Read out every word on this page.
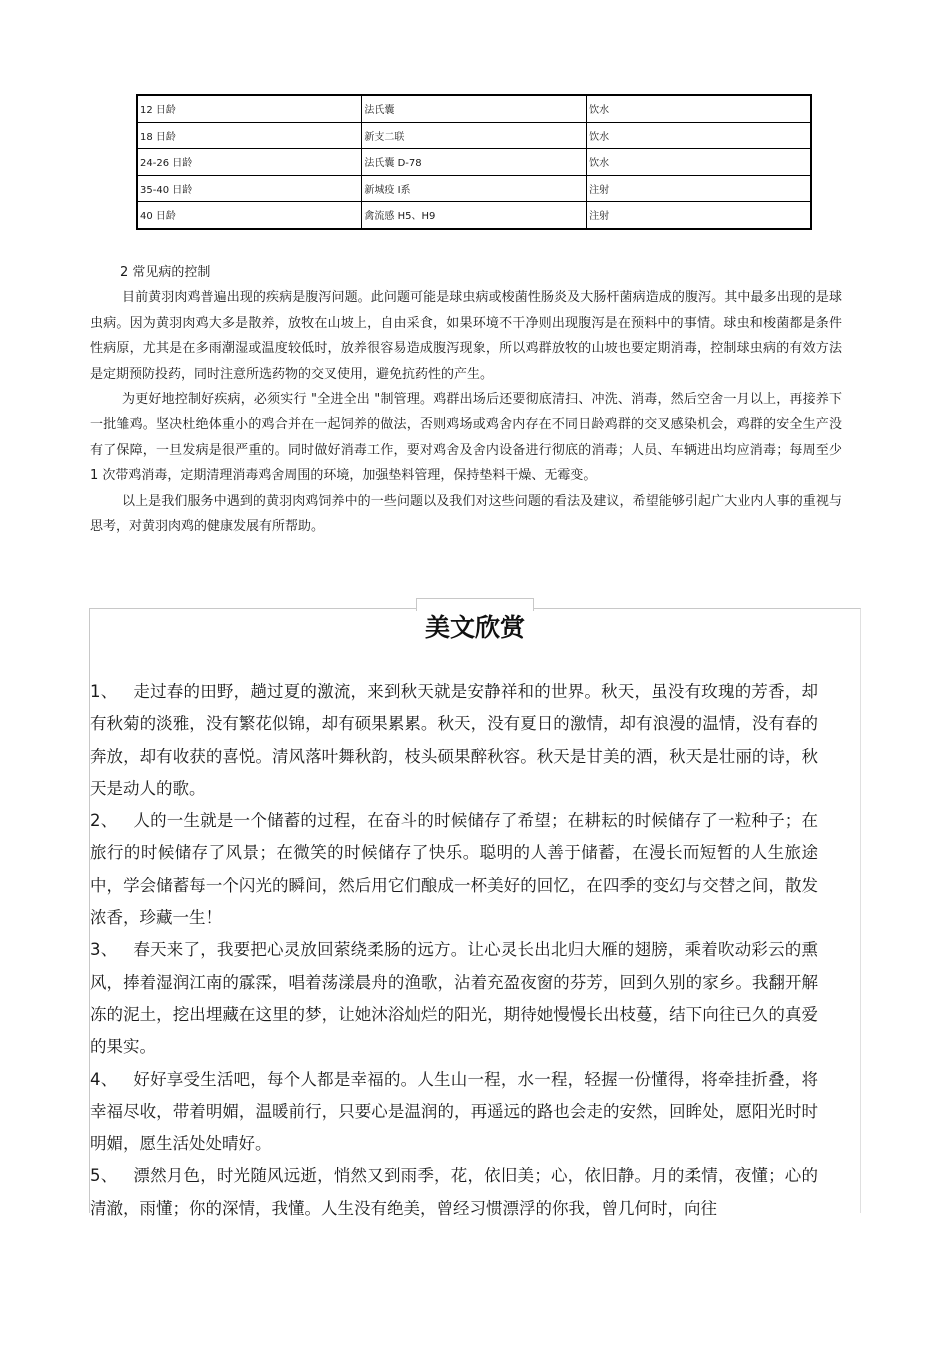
12 日龄	法氏囊	饮水
18 日龄	新支二联	饮水
24-26 日龄	法氏囊 D-78	饮水
35-40 日龄	新城疫 Ⅰ系	注射
40 日龄	禽流感 H5、H9	注射

2 常见病的控制

目前黄羽肉鸡普遍出现的疾病是腹泻问题。此问题可能是球虫病或梭菌性肠炎及大肠杆菌病造成的腹泻。其中最多出现的是球虫病。因为黄羽肉鸡大多是散养，放牧在山坡上，自由采食，如果环境不干净则出现腹泻是在预料中的事情。球虫和梭菌都是条件性病原，尤其是在多雨潮湿或温度较低时，放养很容易造成腹泻现象，所以鸡群放牧的山坡也要定期消毒，控制球虫病的有效方法是定期预防投药，同时注意所选药物的交叉使用，避免抗药性的产生。

为更好地控制好疾病，必须实行 "全进全出 "制管理。鸡群出场后还要彻底清扫、冲洗、消毒，然后空舍一月以上，再接养下一批雏鸡。坚决杜绝体重小的鸡合并在一起饲养的做法，否则鸡场或鸡舍内存在不同日龄鸡群的交叉感染机会，鸡群的安全生产没有了保障，一旦发病是很严重的。同时做好消毒工作，要对鸡舍及舍内设备进行彻底的消毒；人员、车辆进出均应消毒；每周至少 1 次带鸡消毒，定期清理消毒鸡舍周围的环境，加强垫料管理，保持垫料干燥、无霉变。

以上是我们服务中遇到的黄羽肉鸡饲养中的一些问题以及我们对这些问题的看法及建议，希望能够引起广大业内人事的重视与思考，对黄羽肉鸡的健康发展有所帮助。

美文欣赏

1、 走过春的田野，趟过夏的激流，来到秋天就是安静祥和的世界。秋天，虽没有玫瑰的芳香，却有秋菊的淡雅，没有繁花似锦，却有硕果累累。秋天，没有夏日的激情，却有浪漫的温情，没有春的奔放，却有收获的喜悦。清风落叶舞秋韵，枝头硕果醉秋容。秋天是甘美的酒，秋天是壮丽的诗，秋天是动人的歌。

2、 人的一生就是一个储蓄的过程，在奋斗的时候储存了希望；在耕耘的时候储存了一粒种子；在旅行的时候储存了风景；在微笑的时候储存了快乐。聪明的人善于储蓄，在漫长而短暂的人生旅途中，学会储蓄每一个闪光的瞬间，然后用它们酿成一杯美好的回忆，在四季的变幻与交替之间，散发浓香，珍藏一生！

3、 春天来了，我要把心灵放回萦绕柔肠的远方。让心灵长出北归大雁的翅膀，乘着吹动彩云的熏风，捧着湿润江南的霡霂，唱着荡漾晨舟的渔歌，沾着充盈夜窗的芬芳，回到久别的家乡。我翻开解冻的泥土，挖出埋藏在这里的梦，让她沐浴灿烂的阳光，期待她慢慢长出枝蔓，结下向往已久的真爱的果实。

4、 好好享受生活吧，每个人都是幸福的。人生山一程，水一程，轻握一份懂得，将牵挂折叠，将幸福尽收，带着明媚，温暖前行，只要心是温润的，再遥远的路也会走的安然，回眸处，愿阳光时时明媚，愿生活处处晴好。

5、 漂然月色，时光随风远逝，悄然又到雨季，花，依旧美；心，依旧静。月的柔情，夜懂；心的清澈，雨懂；你的深情，我懂。人生没有绝美，曾经习惯漂浮的你我，曾几何时，向往
